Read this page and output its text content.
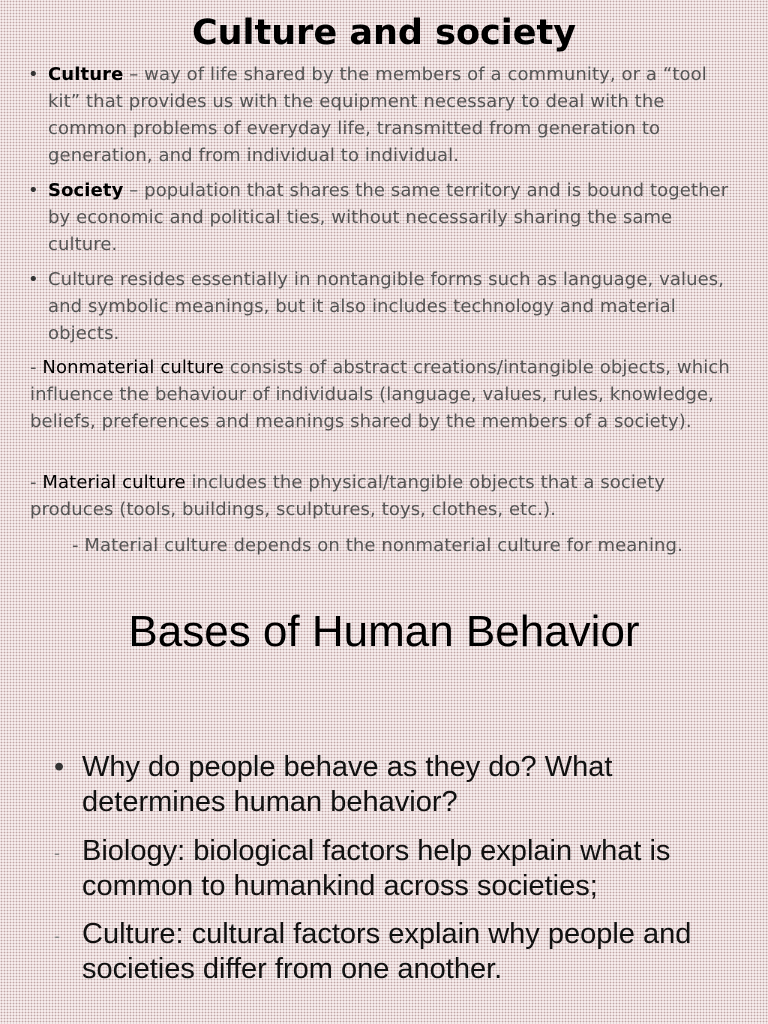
Culture and society
• Culture – way of life shared by the members of a community, or a “tool kit” that provides us with the equipment necessary to deal with the common problems of everyday life, transmitted from generation to generation, and from individual to individual.
• Society – population that shares the same territory and is bound together by economic and political ties, without necessarily sharing the same culture.
• Culture resides essentially in nontangible forms such as language, values, and symbolic meanings, but it also includes technology and material objects.
- Nonmaterial culture consists of abstract creations/intangible objects, which influence the behaviour of individuals (language, values, rules, knowledge, beliefs, preferences and meanings shared by the members of a society).
- Material culture includes the physical/tangible objects that a society produces (tools, buildings, sculptures, toys, clothes, etc.).
- Material culture depends on the nonmaterial culture for meaning.
Bases of Human Behavior
• Why do people behave as they do? What determines human behavior?
- Biology: biological factors help explain what is common to humankind across societies;
- Culture: cultural factors explain why people and societies differ from one another.
